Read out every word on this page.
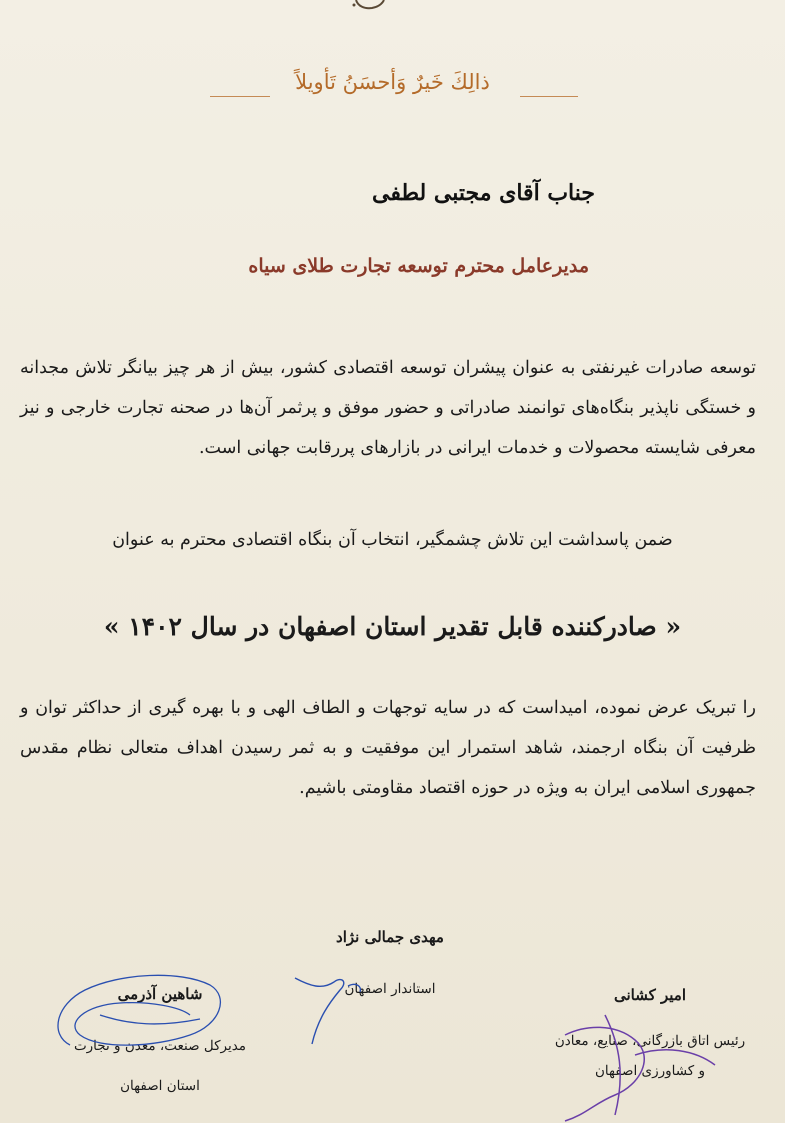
ذالِكَ خَيرٌ وَأحسَنُ تَأويلاً
جناب آقای مجتبی لطفی
مدیرعامل محترم توسعه تجارت طلای سیاه
توسعه صادرات غیرنفتی به عنوان پیشران توسعه اقتصادی کشور، بیش از هر چیز بیانگر تلاش مجدانه و خستگی ناپذیر بنگاه‌های توانمند صادراتی و حضور موفق و پرثمر آن‌ها در صحنه تجارت خارجی و نیز معرفی شایسته محصولات و خدمات ایرانی در بازارهای پررقابت جهانی است.
ضمن پاسداشت این تلاش چشمگیر، انتخاب آن بنگاه اقتصادی محترم به عنوان
« صادرکننده قابل تقدیر استان اصفهان در سال ۱۴۰۲ »
را تبریک عرض نموده، امیداست که در سایه توجهات و الطاف الهی و با بهره گیری از حداکثر توان و ظرفیت آن بنگاه ارجمند، شاهد استمرار این موفقیت و به ثمر رسیدن اهداف متعالی نظام مقدس جمهوری اسلامی ایران به ویژه در حوزه اقتصاد مقاومتی باشیم.
مهدی جمالی نژاد
استاندار اصفهان	امیر کشانی
رئیس اتاق بازرگانی، صنایع، معادن
و کشاورزی اصفهان
شاهین آذرمی
مدیرکل صنعت، معدن و تجارت
استان اصفهان
